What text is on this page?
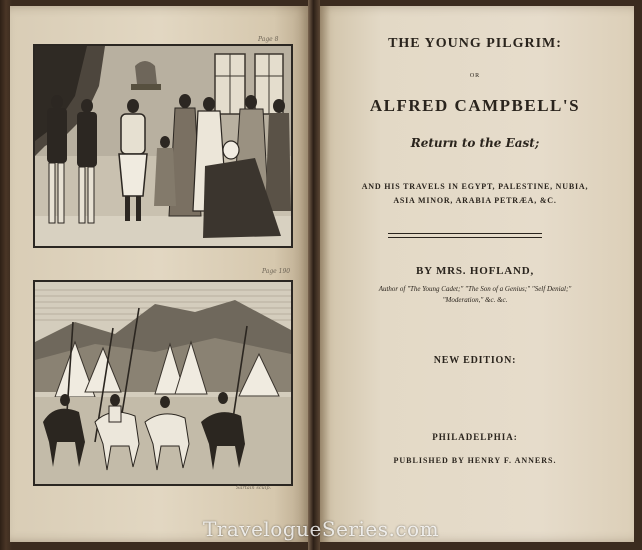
Page 8
Page 190
Sartain sculp.
THE YOUNG PILGRIM:
OR
ALFRED CAMPBELL'S
Return to the East;
AND HIS TRAVELS IN EGYPT, PALESTINE, NUBIA,
ASIA MINOR, ARABIA PETRÆA, &C.
BY MRS. HOFLAND,
Author of "The Young Cadet;" "The Son of a Genius;" "Self Denial;"
"Moderation," &c. &c.
NEW EDITION:
PHILADELPHIA:
PUBLISHED BY HENRY F. ANNERS.
TravelogueSeries.com
